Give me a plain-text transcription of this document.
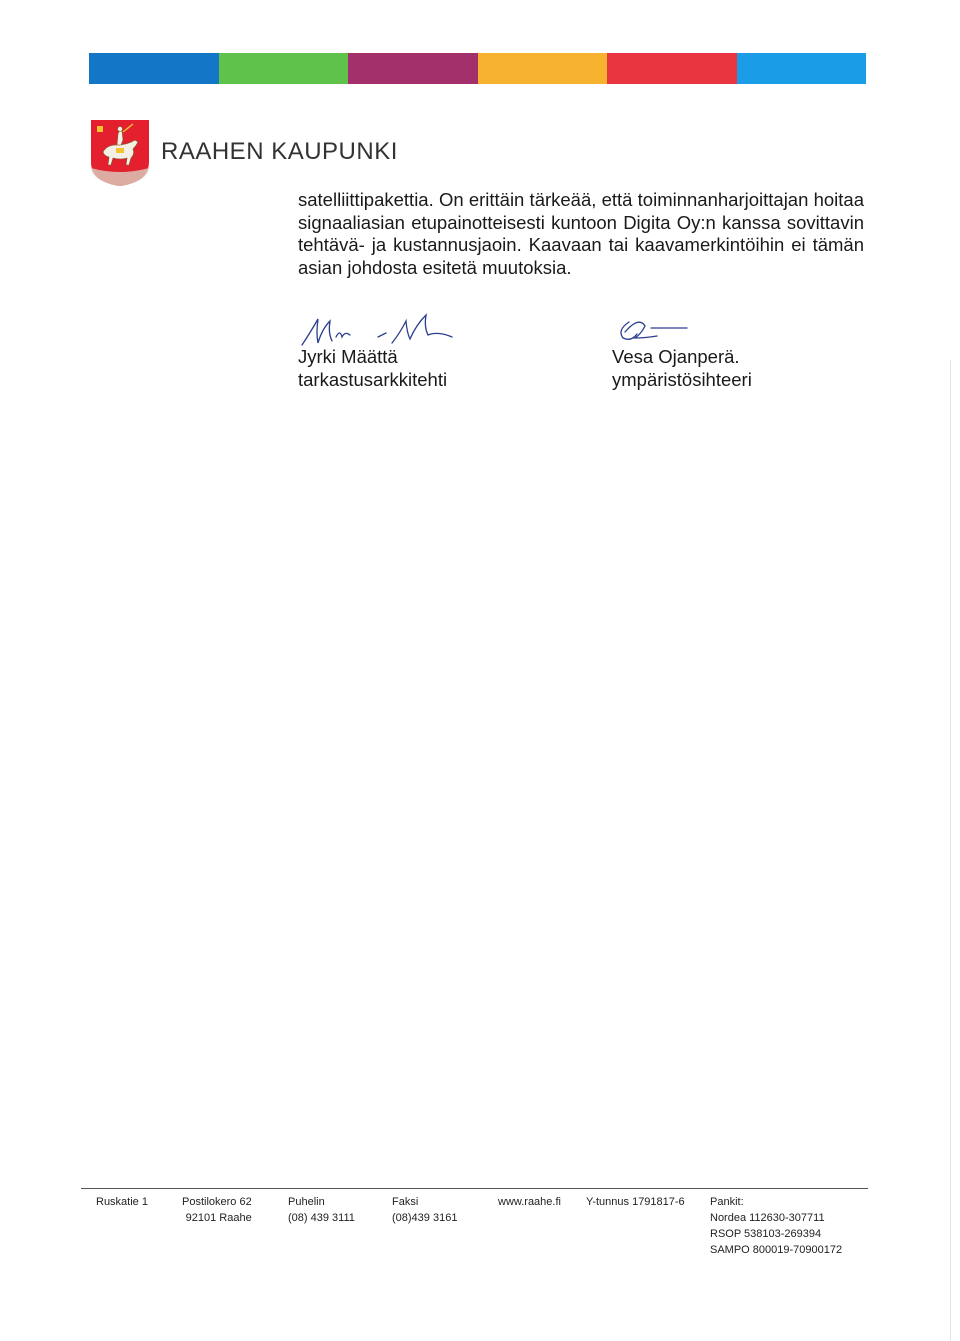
RAAHEN KAUPUNKI

satelliittipakettia. On erittäin tärkeää, että toiminnanharjoittajan hoitaa signaaliasian etupainotteisesti kuntoon Digita Oy:n kanssa sovittavin tehtävä- ja kustannusjaoin. Kaavaan tai kaavamerkintöihin ei tämän asian johdosta esitetä muutoksia.

Jyrki Määttä
tarkastusarkkitehti
Vesa Ojanperä.
ympäristösihteeri
Ruskatie 1	Postilokero 62
92101 Raahe
Puhelin
(08) 439 3111
Faksi
(08)439 3161
www.raahe.fi Y-tunnus 1791817-6 Pankit:
Nordea 112630-307711
RSOP 538103-269394
SAMPO 800019-70900172
